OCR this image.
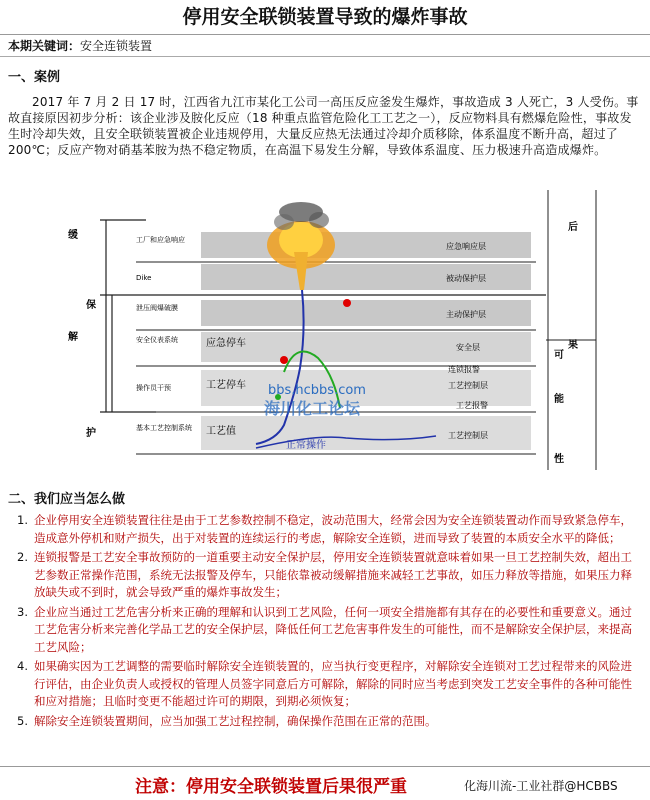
停用安全联锁装置导致的爆炸事故
本期关键词：安全连锁装置
一、案例
2017 年 7 月 2 日 17 时，江西省九江市某化工公司一高压反应釜发生爆炸，事故造成 3 人死亡，3 人受伤。事故直接原因初步分析：该企业涉及胺化反应（18 种重点监管危险化工工艺之一），反应物料具有燃爆危险性，事故发生时冷却失效，且安全联锁装置被企业违规停用，大量反应热无法通过冷却介质移除，体系温度不断升高，超过了 200℃；反应产物对硝基苯胺为热不稳定物质，在高温下易发生分解，导致体系温度、压力极速升高造成爆炸。
缓
保
解
护
工厂和应急响应
Dike
泄压阀爆破膜
安全仪表系统
操作员干预
基本工艺控制系统
应急响应层
被动保护层
主动保护层
安全层
工艺控制层
工艺控制层
连锁报警
工艺报警
应急停车
工艺停车
工艺值
正常操作
后
果
可
能
性
bbs.hcbbs.com
海川化工论坛
二、我们应当怎么做
1. 企业停用安全连锁装置往往是由于工艺参数控制不稳定，波动范围大，经常会因为安全连锁装置动作而导致紧急停车，造成意外停机和财产损失，出于对装置的连续运行的考虑，解除安全连锁，进而导致了装置的本质安全水平的降低；
2. 连锁报警是工艺安全事故预防的一道重要主动安全保护层，停用安全连锁装置就意味着如果一旦工艺控制失效，超出工艺参数正常操作范围，系统无法报警及停车，只能依靠被动缓解措施来减轻工艺事故，如压力释放等措施，如果压力释放缺失或不到时，就会导致严重的爆炸事故发生；
3. 企业应当通过工艺危害分析来正确的理解和认识到工艺风险，任何一项安全措施都有其存在的必要性和重要意义。通过工艺危害分析来完善化学品工艺的安全保护层，降低任何工艺危害事件发生的可能性，而不是解除安全保护层，来提高工艺风险；
4. 如果确实因为工艺调整的需要临时解除安全连锁装置的，应当执行变更程序，对解除安全连锁对工艺过程带来的风险进行评估，由企业负责人或授权的管理人员签字同意后方可解除，解除的同时应当考虑到突发工艺安全事件的各种可能性和应对措施；且临时变更不能超过许可的期限，到期必须恢复；
5. 解除安全连锁装置期间，应当加强工艺过程控制，确保操作范围在正常的范围。
注意：停用安全联锁装置后果很严重	化海川流-工业社群@HCBBS
